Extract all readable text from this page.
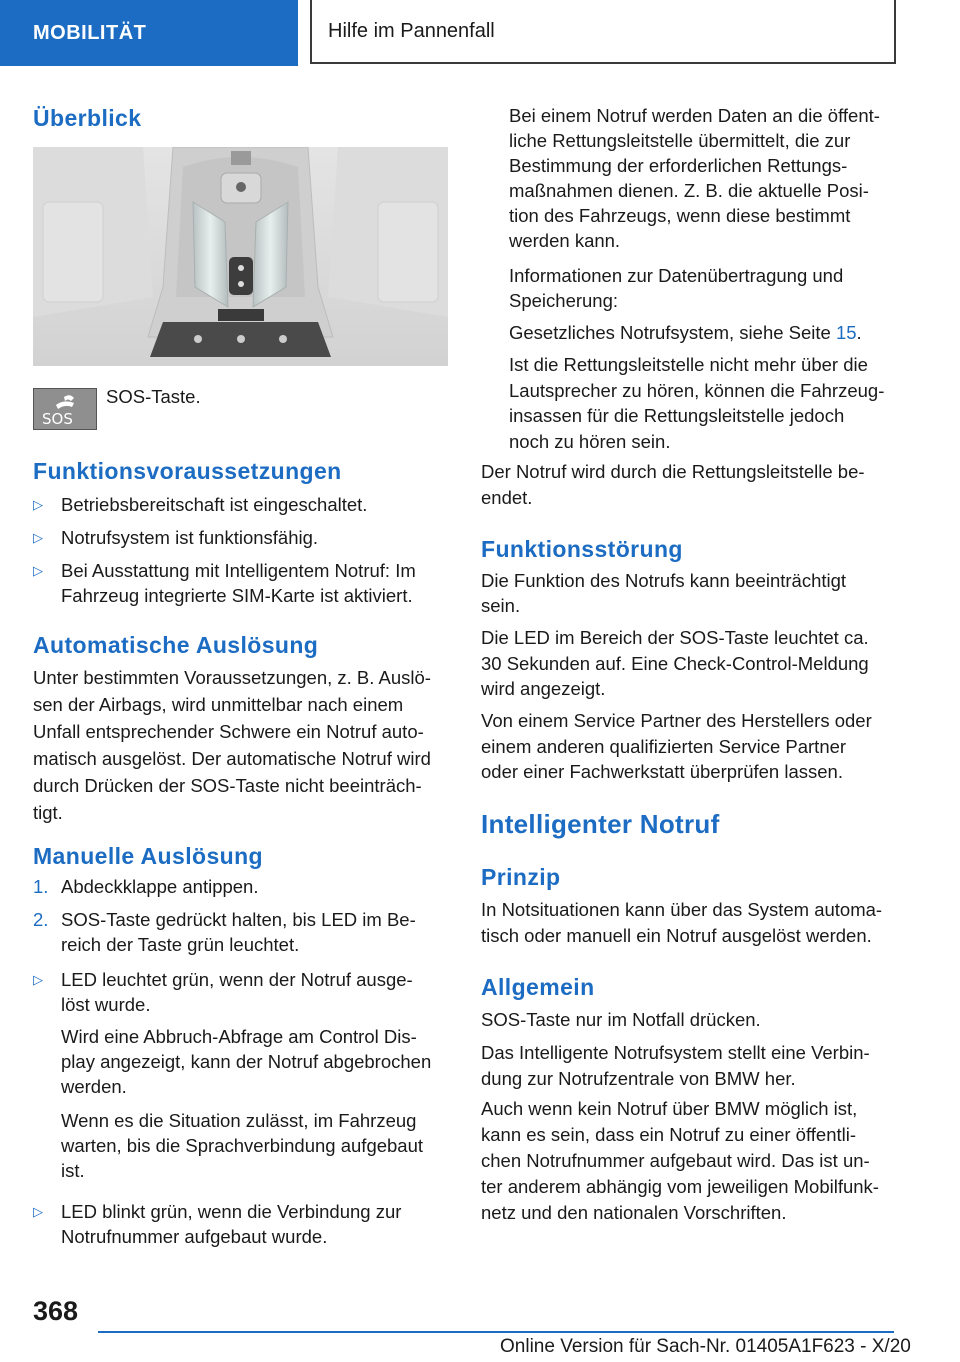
MOBILITÄT	Hilfe im Pannenfall
Überblick
SOS

SOS-Taste.

Funktionsvoraussetzungen
▷ Betriebsbereitschaft ist eingeschaltet.
▷ Notrufsystem ist funktionsfähig.
▷ Bei Ausstattung mit Intelligentem Notruf: Im
Fahrzeug integrierte SIM-Karte ist aktiviert.
Automatische Auslösung
Unter bestimmten Voraussetzungen, z. B. Auslö-
sen der Airbags, wird unmittelbar nach einem
Unfall entsprechender Schwere ein Notruf auto-
matisch ausgelöst. Der automatische Notruf wird
durch Drücken der SOS-Taste nicht beeinträch-
tigt.
Manuelle Auslösung
1. Abdeckklappe antippen.
2. SOS-Taste gedrückt halten, bis LED im Be-
reich der Taste grün leuchtet.
▷ LED leuchtet grün, wenn der Notruf ausge-
löst wurde.
Wird eine Abbruch-Abfrage am Control Dis-
play angezeigt, kann der Notruf abgebrochen
werden.
Wenn es die Situation zulässt, im Fahrzeug
warten, bis die Sprachverbindung aufgebaut
ist.
▷ LED blinkt grün, wenn die Verbindung zur
Notrufnummer aufgebaut wurde.
Bei einem Notruf werden Daten an die öffent-
liche Rettungsleitstelle übermittelt, die zur
Bestimmung der erforderlichen Rettungs-
maßnahmen dienen. Z. B. die aktuelle Posi-
tion des Fahrzeugs, wenn diese bestimmt
werden kann.
Informationen zur Datenübertragung und
Speicherung:
Gesetzliches Notrufsystem, siehe Seite 15.
Ist die Rettungsleitstelle nicht mehr über die
Lautsprecher zu hören, können die Fahrzeug-
insassen für die Rettungsleitstelle jedoch
noch zu hören sein.
Der Notruf wird durch die Rettungsleitstelle be-
endet.
Funktionsstörung
Die Funktion des Notrufs kann beeinträchtigt
sein.
Die LED im Bereich der SOS-Taste leuchtet ca.
30 Sekunden auf. Eine Check-Control-Meldung
wird angezeigt.
Von einem Service Partner des Herstellers oder
einem anderen qualifizierten Service Partner
oder einer Fachwerkstatt überprüfen lassen.
Intelligenter Notruf
Prinzip
In Notsituationen kann über das System automa-
tisch oder manuell ein Notruf ausgelöst werden.
Allgemein
SOS-Taste nur im Notfall drücken.
Das Intelligente Notrufsystem stellt eine Verbin-
dung zur Notrufzentrale von BMW her.
Auch wenn kein Notruf über BMW möglich ist,
kann es sein, dass ein Notruf zu einer öffentli-
chen Notrufnummer aufgebaut wird. Das ist un-
ter anderem abhängig vom jeweiligen Mobilfunk-
netz und den nationalen Vorschriften.
368
Online Version für Sach-Nr. 01405A1F623 - X/20
